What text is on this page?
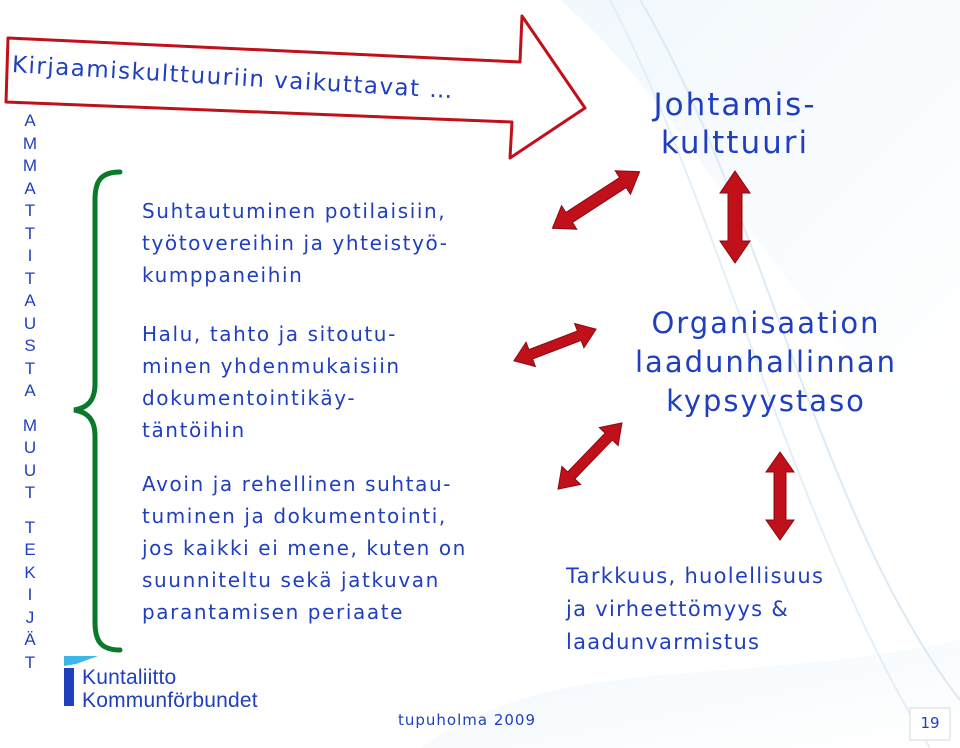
A
M
M
A
T
T
I
T
A
U
S
T
A
M
U
U
T
T
E
K
I
J
Ä
T
Kirjaamiskulttuuriin vaikuttavat …
Suhtautuminen potilaisiin,
työtovereihin ja yhteistyö-
kumppaneihin
Halu, tahto ja sitoutu-
minen yhdenmukaisiin
dokumentointikäy-
täntöihin
Avoin ja rehellinen suhtau-
tuminen ja dokumentointi,
jos kaikki ei mene, kuten on
suunniteltu sekä jatkuvan
parantamisen periaate
Johtamis-
kulttuuri
Organisaation
laadunhallinnan
kypsyystaso
Tarkkuus, huolellisuus
ja virheettömyys &
laadunvarmistus
Kuntaliitto
Kommunförbundet
tupuholma 2009	19
